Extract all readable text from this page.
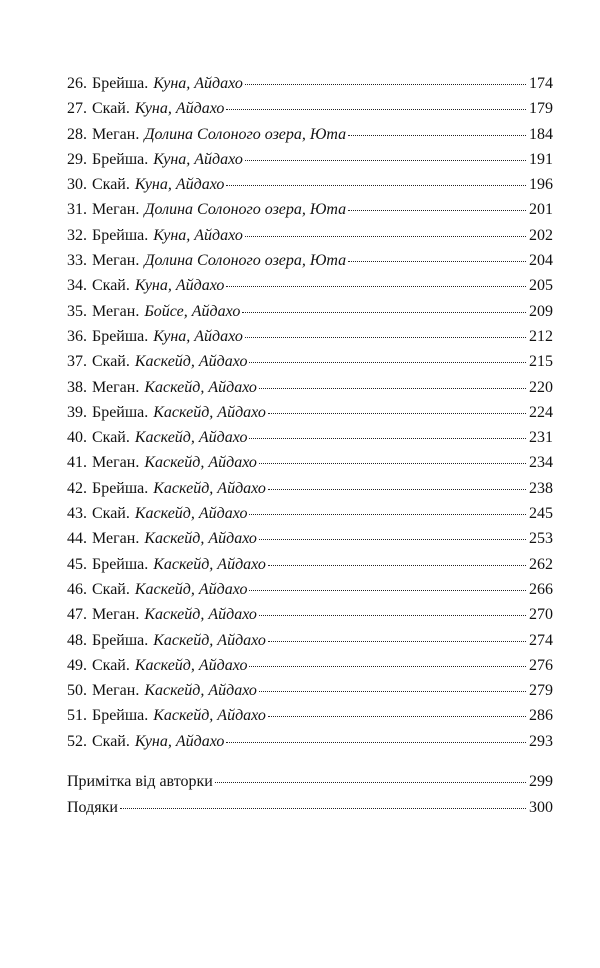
26. Брейша. Куна, Айдахо	174
27. Скай. Куна, Айдахо	179
28. Меган. Долина Солоного озера, Юта	184
29. Брейша. Куна, Айдахо	191
30. Скай. Куна, Айдахо	196
31. Меган. Долина Солоного озера, Юта	201
32. Брейша. Куна, Айдахо	202
33. Меган. Долина Солоного озера, Юта	204
34. Скай. Куна, Айдахо	205
35. Меган. Бойсе, Айдахо	209
36. Брейша. Куна, Айдахо	212
37. Скай. Каскейд, Айдахо	215
38. Меган. Каскейд, Айдахо	220
39. Брейша. Каскейд, Айдахо	224
40. Скай. Каскейд, Айдахо	231
41. Меган. Каскейд, Айдахо	234
42. Брейша. Каскейд, Айдахо	238
43. Скай. Каскейд, Айдахо	245
44. Меган. Каскейд, Айдахо	253
45. Брейша. Каскейд, Айдахо	262
46. Скай. Каскейд, Айдахо	266
47. Меган. Каскейд, Айдахо	270
48. Брейша. Каскейд, Айдахо	274
49. Скай. Каскейд, Айдахо	276
50. Меган. Каскейд, Айдахо	279
51. Брейша. Каскейд, Айдахо	286
52. Скай. Куна, Айдахо	293
Примітка від авторки	299
Подяки	300
